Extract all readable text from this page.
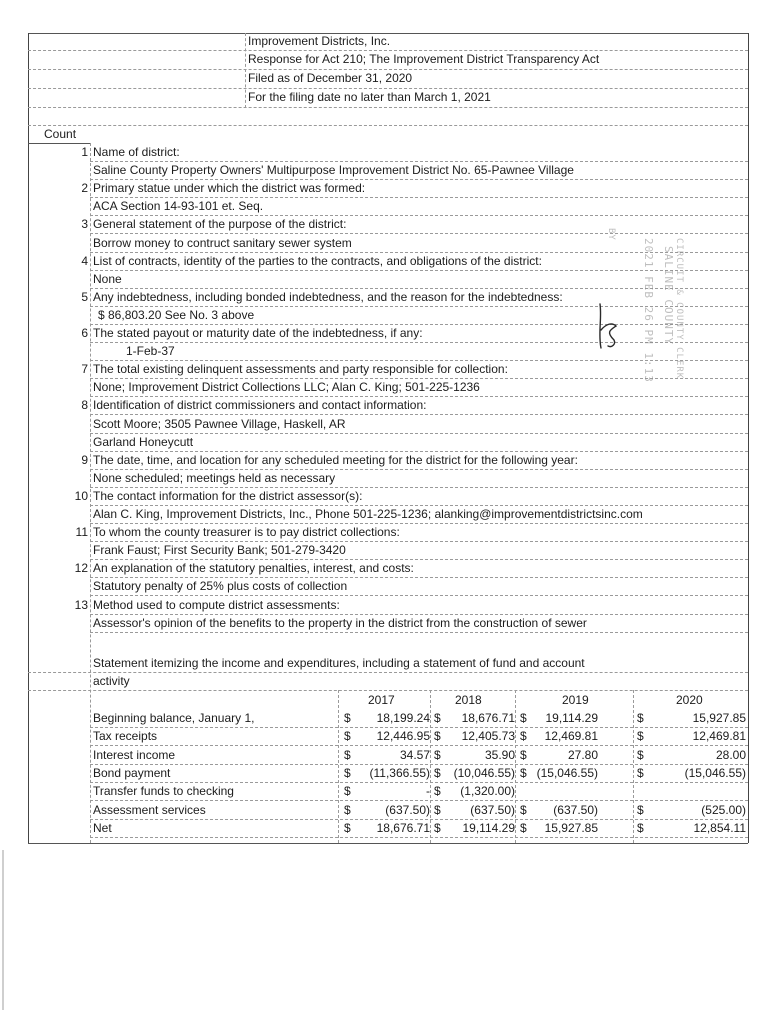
Improvement Districts, Inc.
Response for Act 210; The Improvement District Transparency Act
Filed as of December 31, 2020
For the filing date no later than March 1, 2021
Count
1 Name of district:
Saline County Property Owners' Multipurpose Improvement District No. 65-Pawnee Village
2 Primary statue under which the district was formed:
ACA Section 14-93-101 et. Seq.
3 General statement of the purpose of the district:
Borrow money to contruct sanitary sewer system
4 List of contracts, identity of the parties to the contracts, and obligations of the district:
None
5 Any indebtedness, including bonded indebtedness, and the reason for the indebtedness:
$ 86,803.20 See No. 3 above
6 The stated payout or maturity date of the indebtedness, if any:
1-Feb-37
7 The total existing delinquent assessments and party responsible for collection:
None; Improvement District Collections LLC; Alan C. King; 501-225-1236
8 Identification of district commissioners and contact information:
Scott Moore; 3505 Pawnee Village, Haskell, AR
Garland Honeycutt
9 The date, time, and location for any scheduled meeting for the district for the following year:
None scheduled; meetings held as necessary
10 The contact information for the district assessor(s):
Alan C. King, Improvement Districts, Inc., Phone 501-225-1236; alanking@improvementdistrictsinc.com
11 To whom the county treasurer is to pay district collections:
Frank Faust; First Security Bank; 501-279-3420
12 An explanation of the statutory penalties, interest, and costs:
Statutory penalty of 25% plus costs of collection
13 Method used to compute district assessments:
Assessor's opinion of the benefits to the property in the district from the construction of sewer
Statement itemizing the income and expenditures, including a statement of fund and account
activity
2017	2018	2019	2020
Beginning balance, January 1,	$	18,199.24 $	18,676.71 $	19,114.29	$	15,927.85
Tax receipts	$	12,446.95 $	12,405.73 $	12,469.81	$	12,469.81
Interest income	$	34.57 $	35.90 $	27.80	$	28.00
Bond payment	$	(11,366.55) $	(10,046.55) $ (15,046.55)	$	(15,046.55)
Transfer funds to checking	$	- $	(1,320.00)
Assessment services	$	(637.50) $	(637.50) $	(637.50)	$	(525.00)
Net	$	18,676.71 $	19,114.29 $	15,927.85	$	12,854.11
2021 FEB 26 PM 1:13 SALINE COUNTY CIRCUIT & COUNTY CLERK
BY
